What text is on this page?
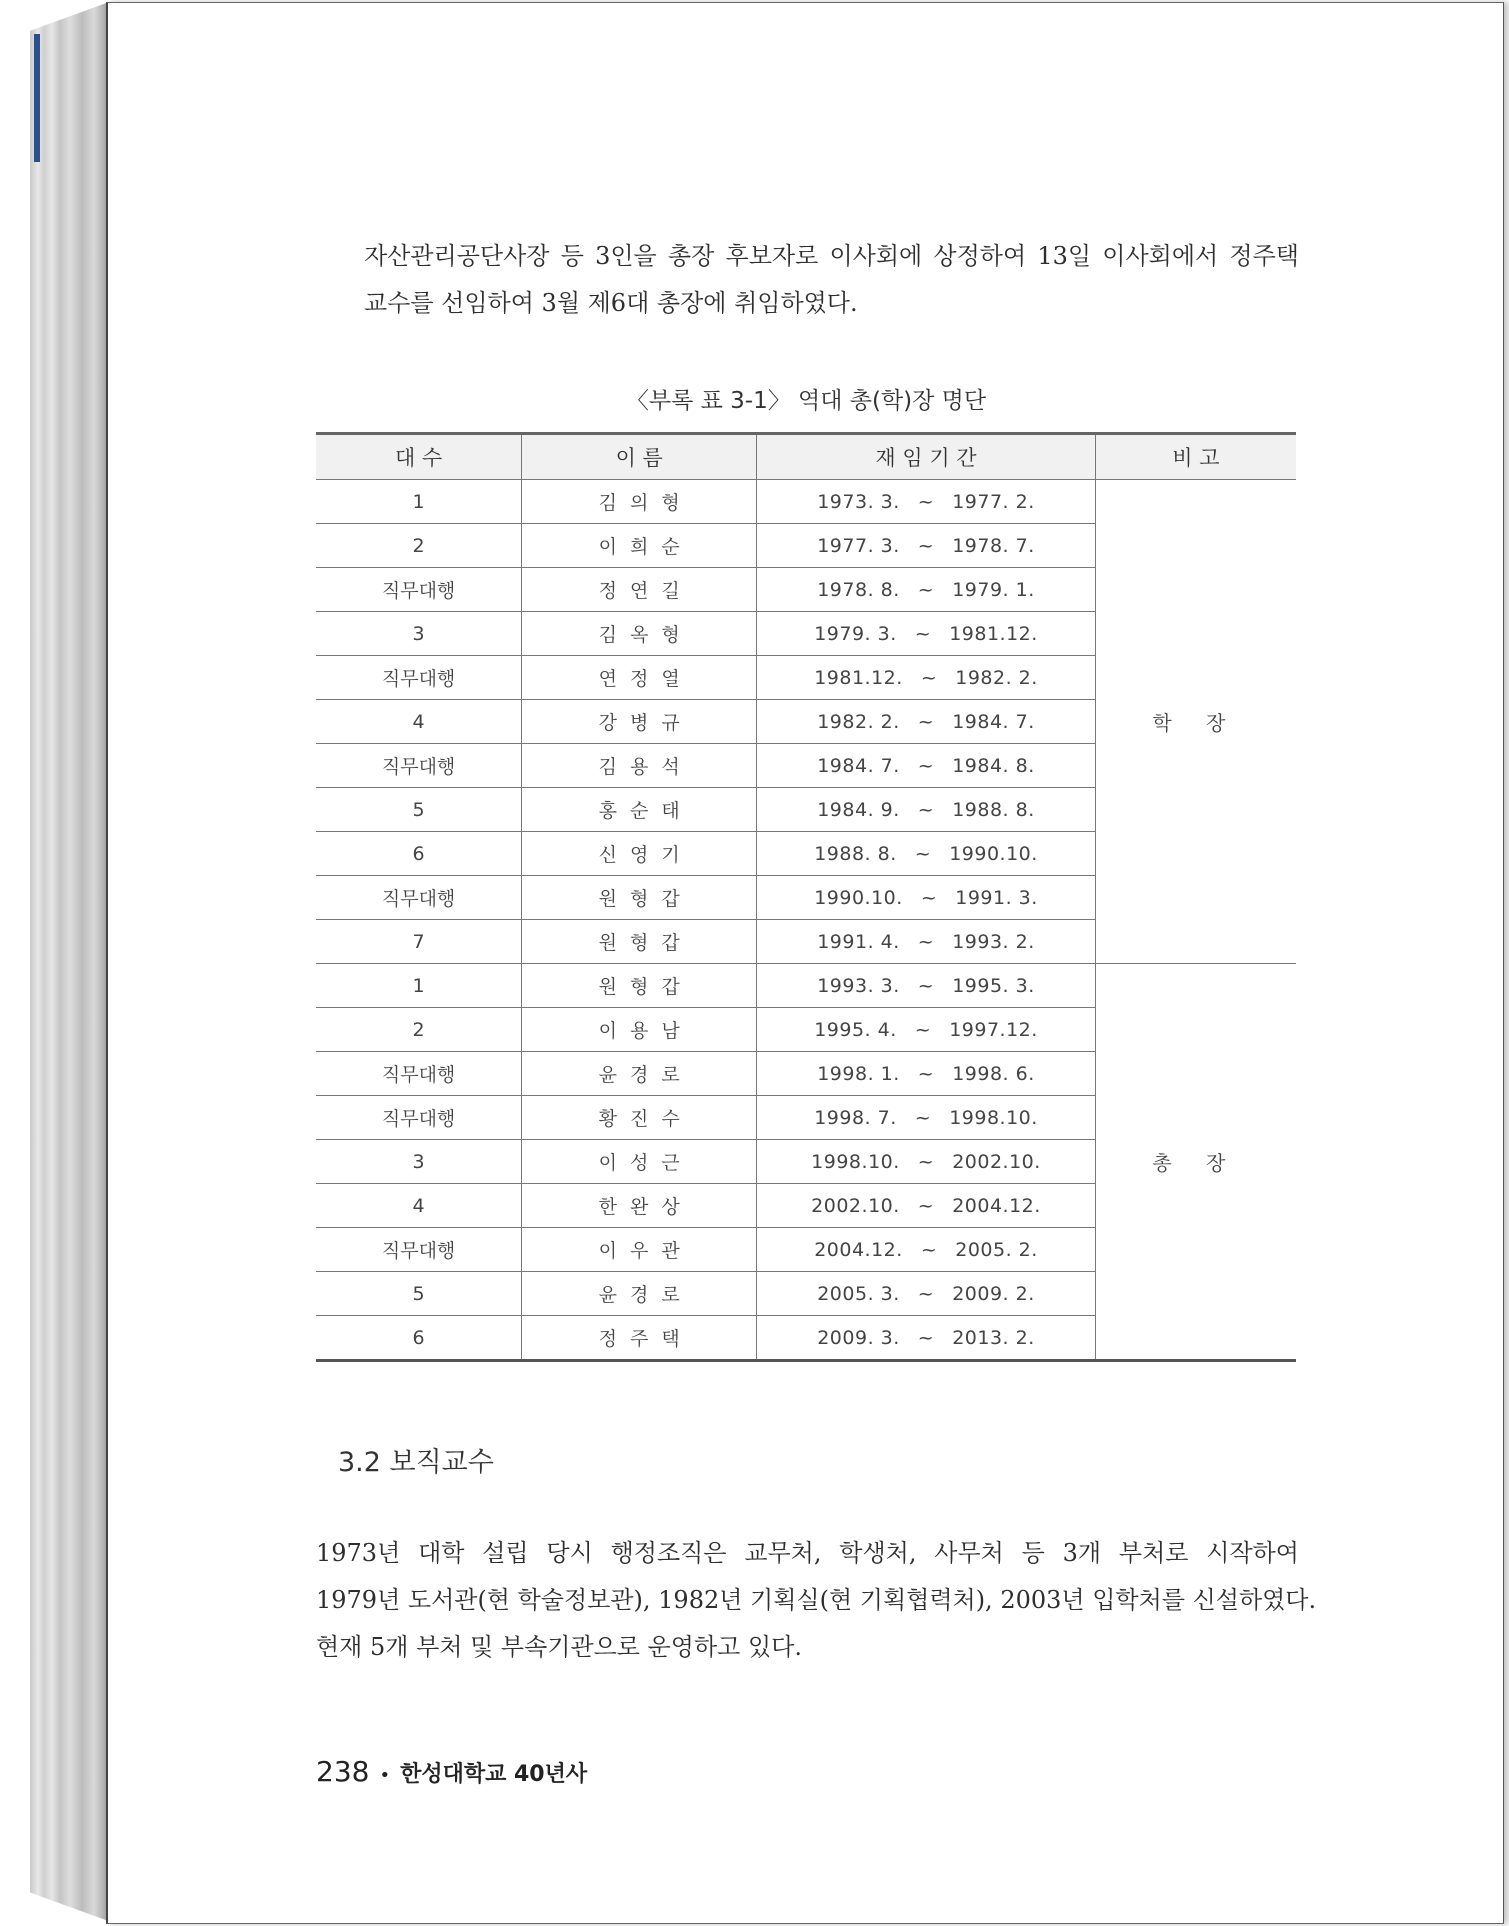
자산관리공단사장 등 3인을 총장 후보자로 이사회에 상정하여 13일 이사회에서 정주택
교수를 선임하여 3월 제6대 총장에 취임하였다.
〈부록 표 3-1〉 역대 총(학)장 명단
대 수	이 름	재 임 기 간	비 고
1	김의형	1973. 3. ~ 1977. 2.	학 장
2	이희순	1977. 3. ~ 1978. 7.	

직무대행	정연길	1978. 8. ~ 1979. 1.	

3	김옥형	1979. 3. ~ 1981.12.	

직무대행	연정열	1981.12. ~ 1982. 2.	

4	강병규	1982. 2. ~ 1984. 7.	

직무대행	김용석	1984. 7. ~ 1984. 8.	

5	홍순태	1984. 9. ~ 1988. 8.	

6	신영기	1988. 8. ~ 1990.10.	

직무대행	원형갑	1990.10. ~ 1991. 3.	

7	원형갑	1991. 4. ~ 1993. 2.	

1	원형갑	1993. 3. ~ 1995. 3.	총 장
2	이용남	1995. 4. ~ 1997.12.	

직무대행	윤경로	1998. 1. ~ 1998. 6.	

직무대행	황진수	1998. 7. ~ 1998.10.	

3	이성근	1998.10. ~ 2002.10.	

4	한완상	2002.10. ~ 2004.12.	

직무대행	이우관	2004.12. ~ 2005. 2.	

5	윤경로	2005. 3. ~ 2009. 2.	

6	정주택	2009. 3. ~ 2013. 2.	
3.2 보직교수
1973년 대학 설립 당시 행정조직은 교무처, 학생처, 사무처 등 3개 부처로 시작하여
1979년 도서관(현 학술정보관), 1982년 기획실(현 기획협력처), 2003년 입학처를 신설하였다.
현재 5개 부처 및 부속기관으로 운영하고 있다.
238 • 한성대학교 40년사
